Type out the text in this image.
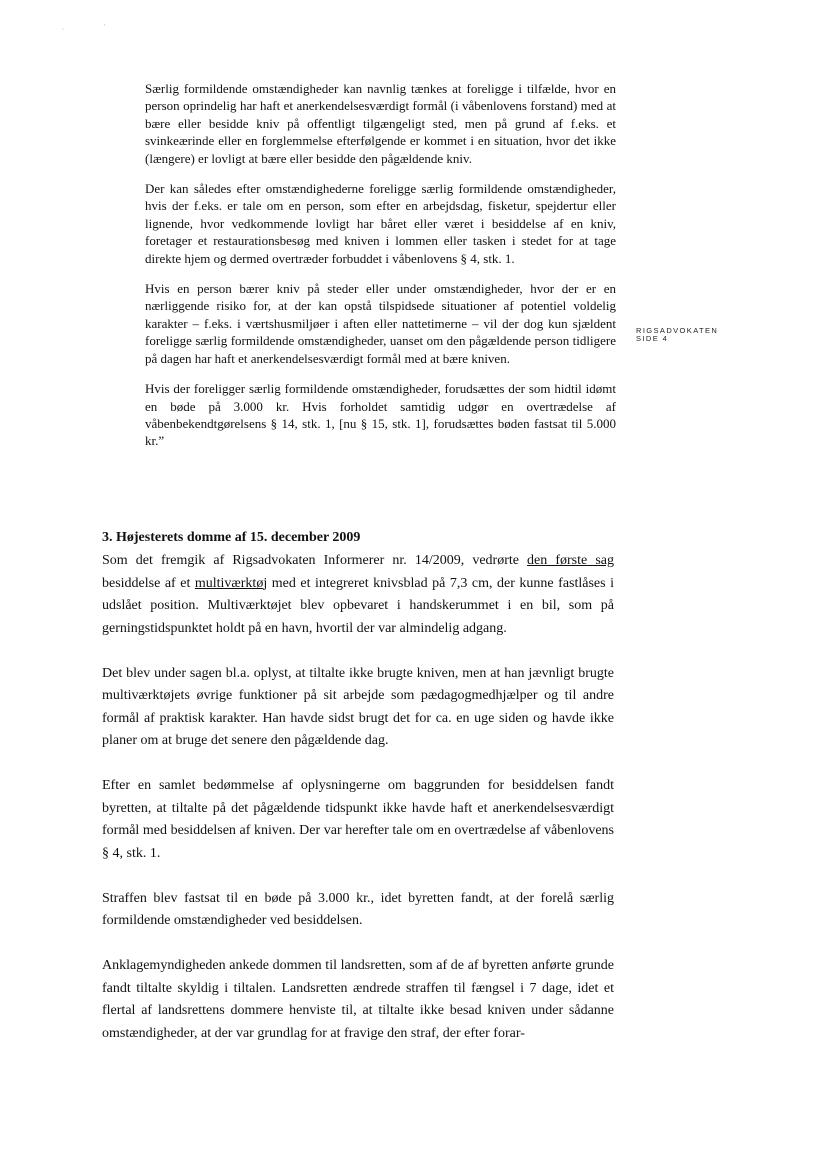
,	'
RIGSADVOKATEN
SIDE 4

Særlig formildende omstændigheder kan navnlig tænkes at foreligge i tilfælde, hvor en person oprindelig har haft et anerkendelsesværdigt formål (i våbenlovens forstand) med at bære eller besidde kniv på offentligt tilgængeligt sted, men på grund af f.eks. et svinkeærinde eller en forglemmelse efterfølgende er kommet i en situation, hvor det ikke (længere) er lovligt at bære eller besidde den pågældende kniv.

Der kan således efter omstændighederne foreligge særlig formildende omstændigheder, hvis der f.eks. er tale om en person, som efter en arbejdsdag, fisketur, spejdertur eller lignende, hvor vedkommende lovligt har båret eller været i besiddelse af en kniv, foretager et restaurationsbesøg med kniven i lommen eller tasken i stedet for at tage direkte hjem og dermed overtræder forbuddet i våbenlovens § 4, stk. 1.

Hvis en person bærer kniv på steder eller under omstændigheder, hvor der er en nærliggende risiko for, at der kan opstå tilspidsede situationer af potentiel voldelig karakter – f.eks. i værtshusmiljøer i aften eller nattetimerne – vil der dog kun sjældent foreligge særlig formildende omstændigheder, uanset om den pågældende person tidligere på dagen har haft et anerkendelsesværdigt formål med at bære kniven.

Hvis der foreligger særlig formildende omstændigheder, forudsættes der som hidtil idømt en bøde på 3.000 kr. Hvis forholdet samtidig udgør en overtrædelse af våbenbekendtgørelsens § 14, stk. 1, [nu § 15, stk. 1], forudsættes bøden fastsat til 5.000 kr.”

3. Højesterets domme af 15. december 2009

Som det fremgik af Rigsadvokaten Informerer nr. 14/2009, vedrørte den første sag besiddelse af et multiværktøj med et integreret knivsblad på 7,3 cm, der kunne fastlåses i udslået position. Multiværktøjet blev opbevaret i handskerummet i en bil, som på gerningstidspunktet holdt på en havn, hvortil der var almindelig adgang.

Det blev under sagen bl.a. oplyst, at tiltalte ikke brugte kniven, men at han jævnligt brugte multiværktøjets øvrige funktioner på sit arbejde som pædagogmedhjælper og til andre formål af praktisk karakter. Han havde sidst brugt det for ca. en uge siden og havde ikke planer om at bruge det senere den pågældende dag.

Efter en samlet bedømmelse af oplysningerne om baggrunden for besiddelsen fandt byretten, at tiltalte på det pågældende tidspunkt ikke havde haft et anerkendelsesværdigt formål med besiddelsen af kniven. Der var herefter tale om en overtrædelse af våbenlovens § 4, stk. 1.

Straffen blev fastsat til en bøde på 3.000 kr., idet byretten fandt, at der forelå særlig formildende omstændigheder ved besiddelsen.

Anklagemyndigheden ankede dommen til landsretten, som af de af byretten anførte grunde fandt tiltalte skyldig i tiltalen. Landsretten ændrede straffen til fængsel i 7 dage, idet et flertal af landsrettens dommere henviste til, at tiltalte ikke besad kniven under sådanne omstændigheder, at der var grundlag for at fravige den straf, der efter forar-
